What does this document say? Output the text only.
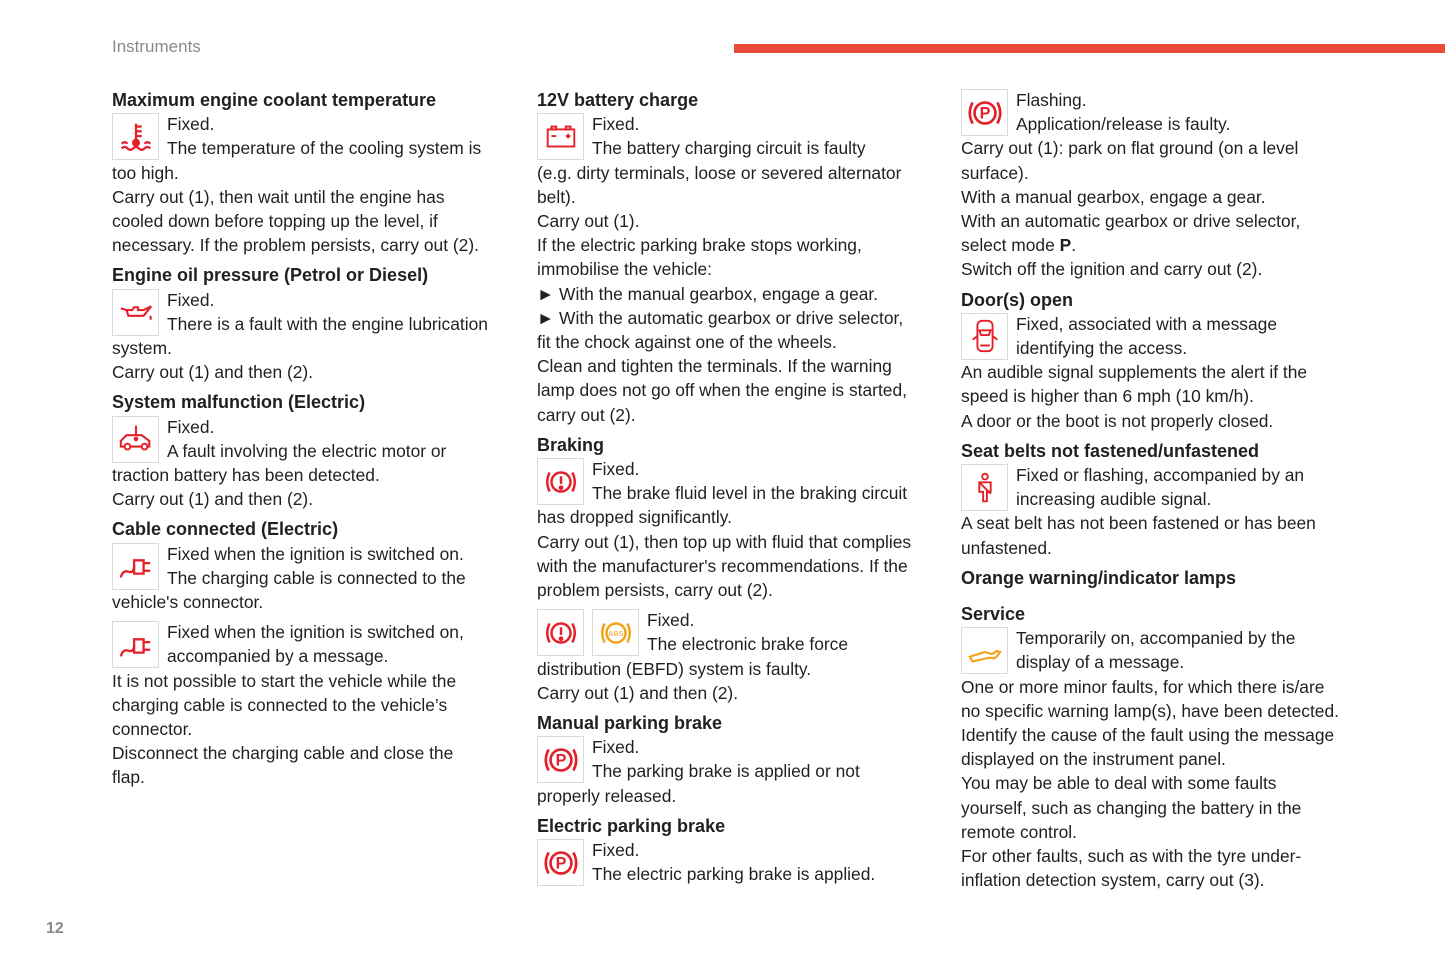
Instruments
Maximum engine coolant temperature
Fixed.
The temperature of the cooling system is
too high.
Carry out (1), then wait until the engine has
cooled down before topping up the level, if
necessary. If the problem persists, carry out (2).
Engine oil pressure (Petrol or Diesel)
Fixed.
There is a fault with the engine lubrication
system.
Carry out (1) and then (2).
System malfunction (Electric)
Fixed.
A fault involving the electric motor or
traction battery has been detected.
Carry out (1) and then (2).
Cable connected (Electric)
Fixed when the ignition is switched on.
The charging cable is connected to the
vehicle's connector.
Fixed when the ignition is switched on,
accompanied by a message.
It is not possible to start the vehicle while the
charging cable is connected to the vehicle’s
connector.
Disconnect the charging cable and close the
flap.
12V battery charge
Fixed.
The battery charging circuit is faulty
(e.g. dirty terminals, loose or severed alternator
belt).
Carry out (1).
If the electric parking brake stops working,
immobilise the vehicle:
► With the manual gearbox, engage a gear.
► With the automatic gearbox or drive selector,
fit the chock against one of the wheels.
Clean and tighten the terminals. If the warning
lamp does not go off when the engine is started,
carry out (2).
Braking
Fixed.
The brake fluid level in the braking circuit
has dropped significantly.
Carry out (1), then top up with fluid that complies
with the manufacturer's recommendations. If the
problem persists, carry out (2).
ABS
Fixed.
The electronic brake force
distribution (EBFD) system is faulty.
Carry out (1) and then (2).
Manual parking brake
P
Fixed.
The parking brake is applied or not
properly released.
Electric parking brake
P
Fixed.
The electric parking brake is applied.
P
Flashing.
Application/release is faulty.
Carry out (1): park on flat ground (on a level
surface).
With a manual gearbox, engage a gear.
With an automatic gearbox or drive selector,
select mode P.
Switch off the ignition and carry out (2).
Door(s) open
Fixed, associated with a message
identifying the access.
An audible signal supplements the alert if the
speed is higher than 6 mph (10 km/h).
A door or the boot is not properly closed.
Seat belts not fastened/unfastened
Fixed or flashing, accompanied by an
increasing audible signal.
A seat belt has not been fastened or has been
unfastened.
Orange warning/indicator lamps
Service
Temporarily on, accompanied by the
display of a message.
One or more minor faults, for which there is/are
no specific warning lamp(s), have been detected.
Identify the cause of the fault using the message
displayed on the instrument panel.
You may be able to deal with some faults
yourself, such as changing the battery in the
remote control.
For other faults, such as with the tyre under-
inflation detection system, carry out (3).
12
